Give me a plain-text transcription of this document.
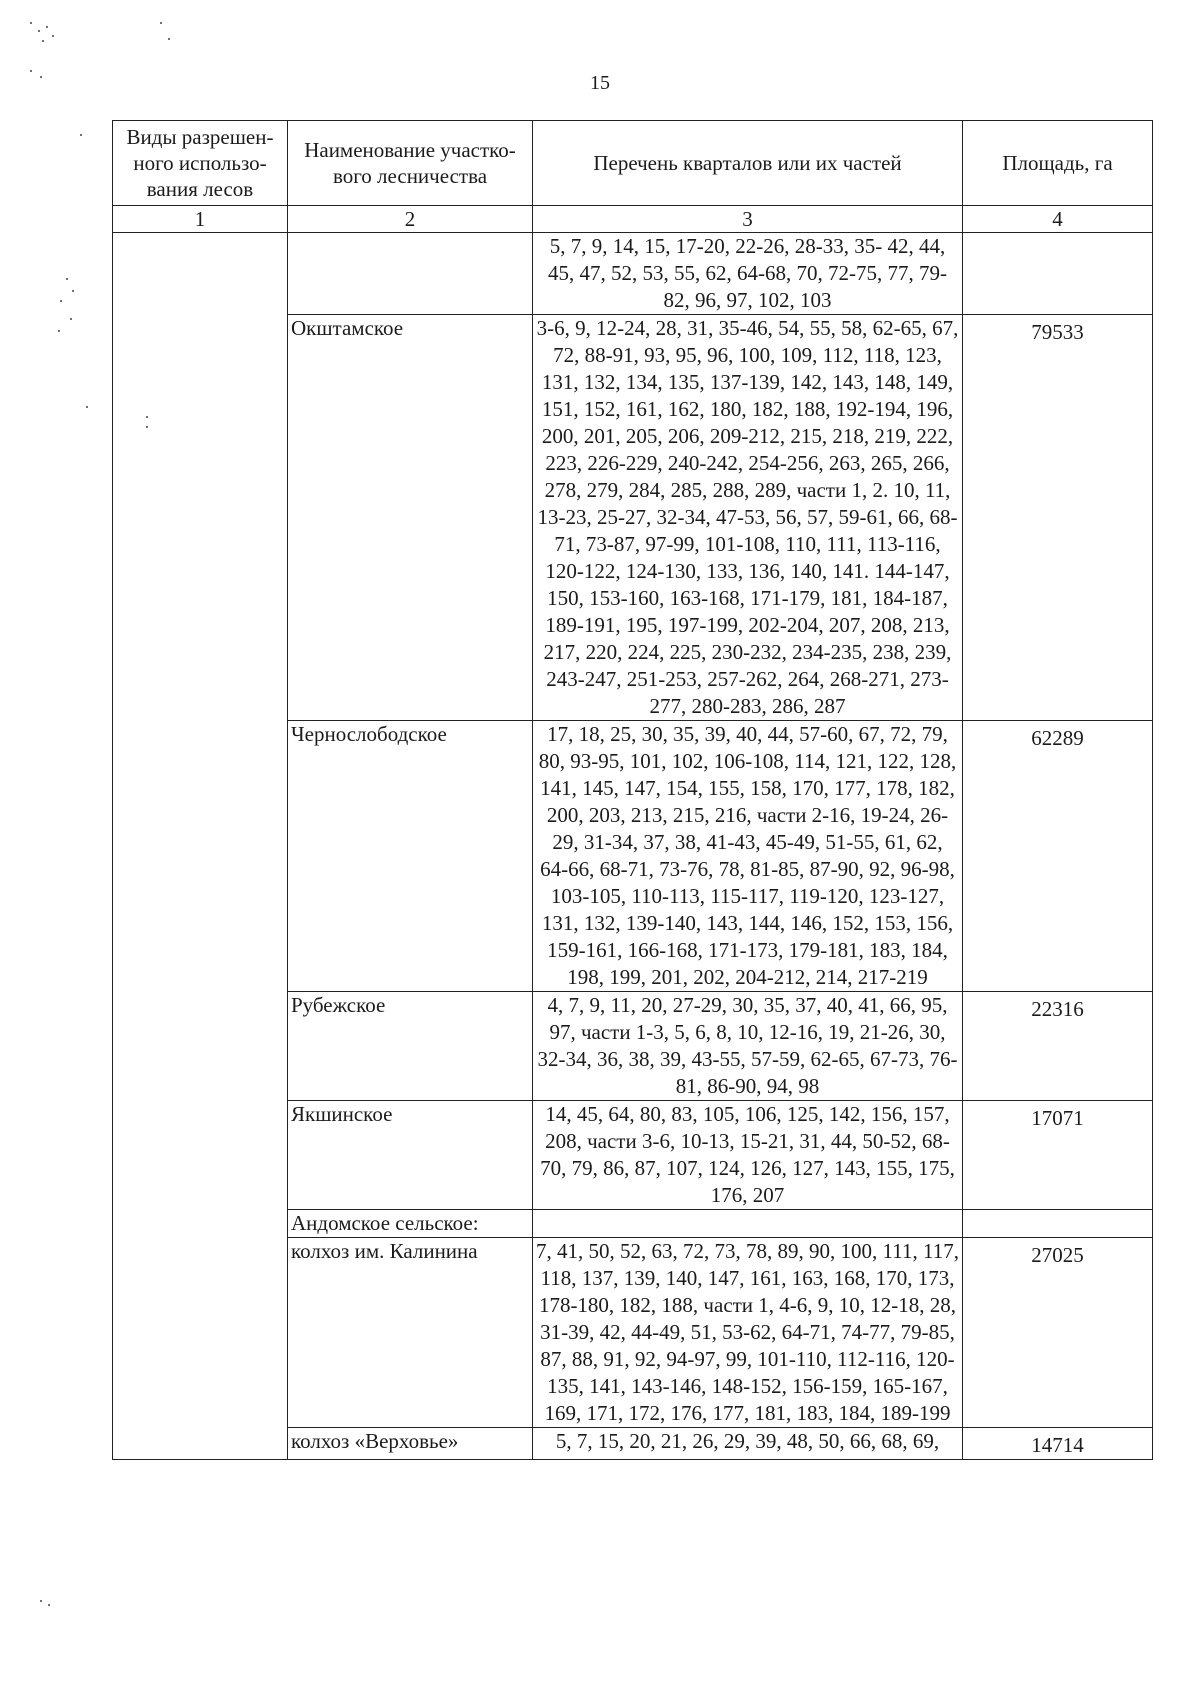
15
Виды разрешен-ного использо-вания лесов	Наименование участко-вого лесничества	Перечень кварталов или их частей	Площадь, га
1	2	3	4
		5, 7, 9, 14, 15, 17-20, 22-26, 28-33, 35- 42, 44, 45, 47, 52, 53, 55, 62, 64-68, 70, 72-75, 77, 79-82, 96, 97, 102, 103	
	Окштамское	3-6, 9, 12-24, 28, 31, 35-46, 54, 55, 58, 62-65, 67, 72, 88-91, 93, 95, 96, 100, 109, 112, 118, 123, 131, 132, 134, 135, 137-139, 142, 143, 148, 149, 151, 152, 161, 162, 180, 182, 188, 192-194, 196, 200, 201, 205, 206, 209-212, 215, 218, 219, 222, 223, 226-229, 240-242, 254-256, 263, 265, 266, 278, 279, 284, 285, 288, 289, части 1, 2. 10, 11, 13-23, 25-27, 32-34, 47-53, 56, 57, 59-61, 66, 68-71, 73-87, 97-99, 101-108, 110, 111, 113-116, 120-122, 124-130, 133, 136, 140, 141. 144-147, 150, 153-160, 163-168, 171-179, 181, 184-187, 189-191, 195, 197-199, 202-204, 207, 208, 213, 217, 220, 224, 225, 230-232, 234-235, 238, 239, 243-247, 251-253, 257-262, 264, 268-271, 273-277, 280-283, 286, 287	79533
	Чернослободское	17, 18, 25, 30, 35, 39, 40, 44, 57-60, 67, 72, 79, 80, 93-95, 101, 102, 106-108, 114, 121, 122, 128, 141, 145, 147, 154, 155, 158, 170, 177, 178, 182, 200, 203, 213, 215, 216, части 2-16, 19-24, 26-29, 31-34, 37, 38, 41-43, 45-49, 51-55, 61, 62, 64-66, 68-71, 73-76, 78, 81-85, 87-90, 92, 96-98, 103-105, 110-113, 115-117, 119-120, 123-127, 131, 132, 139-140, 143, 144, 146, 152, 153, 156, 159-161, 166-168, 171-173, 179-181, 183, 184, 198, 199, 201, 202, 204-212, 214, 217-219	62289
	Рубежское	4, 7, 9, 11, 20, 27-29, 30, 35, 37, 40, 41, 66, 95, 97, части 1-3, 5, 6, 8, 10, 12-16, 19, 21-26, 30, 32-34, 36, 38, 39, 43-55, 57-59, 62-65, 67-73, 76-81, 86-90, 94, 98	22316
	Якшинское	14, 45, 64, 80, 83, 105, 106, 125, 142, 156, 157, 208, части 3-6, 10-13, 15-21, 31, 44, 50-52, 68-70, 79, 86, 87, 107, 124, 126, 127, 143, 155, 175, 176, 207	17071
	Андомское сельское:		
	колхоз им. Калинина	7, 41, 50, 52, 63, 72, 73, 78, 89, 90, 100, 111, 117, 118, 137, 139, 140, 147, 161, 163, 168, 170, 173, 178-180, 182, 188, части 1, 4-6, 9, 10, 12-18, 28, 31-39, 42, 44-49, 51, 53-62, 64-71, 74-77, 79-85, 87, 88, 91, 92, 94-97, 99, 101-110, 112-116, 120-135, 141, 143-146, 148-152, 156-159, 165-167, 169, 171, 172, 176, 177, 181, 183, 184, 189-199	27025
	колхоз «Верховье»	5, 7, 15, 20, 21, 26, 29, 39, 48, 50, 66, 68, 69,	14714
